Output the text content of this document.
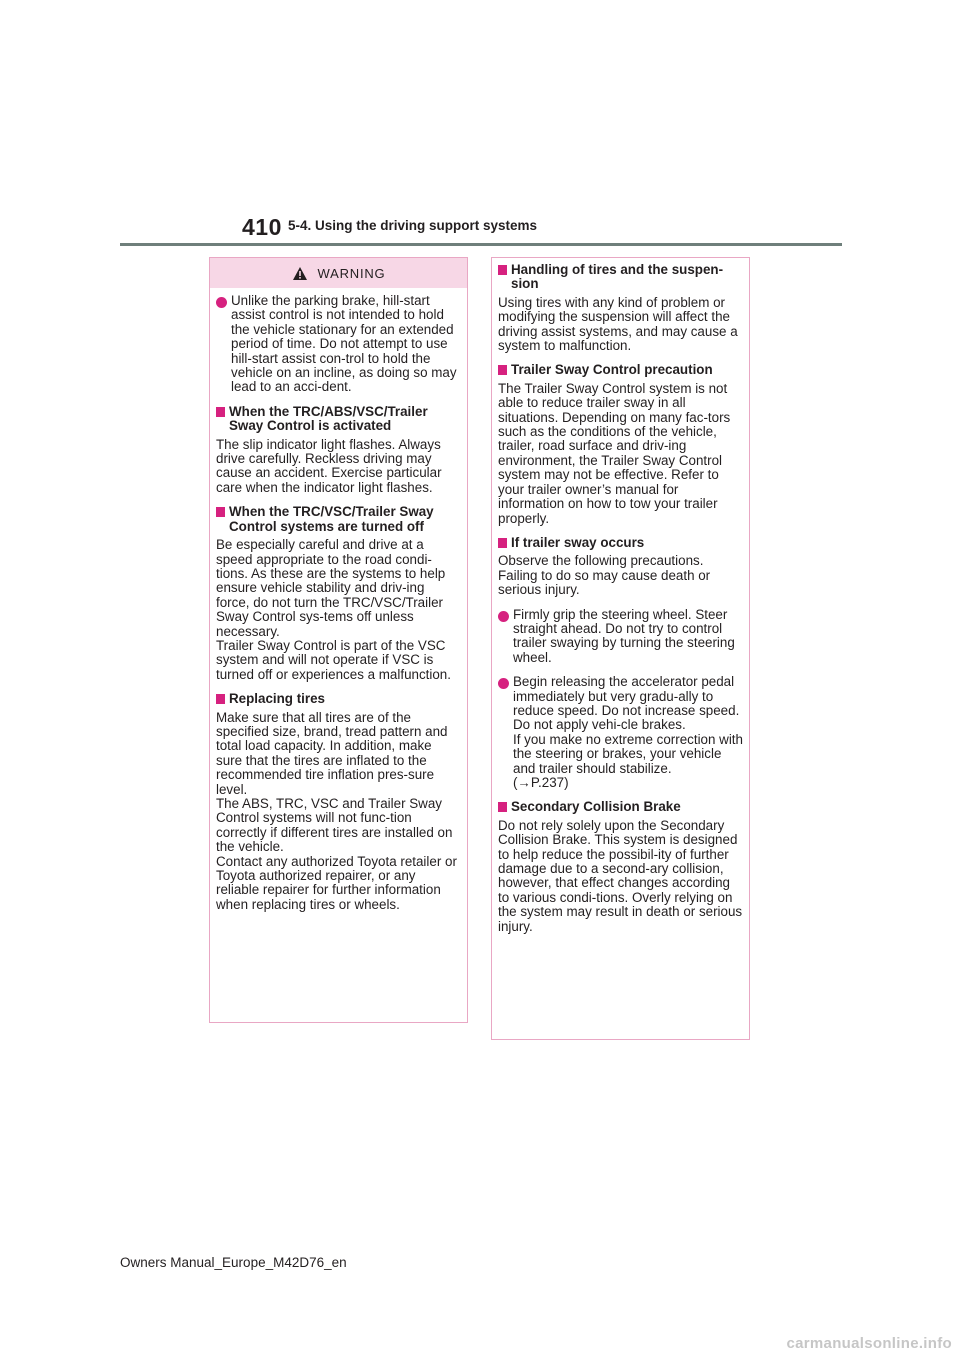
410 5-4. Using the driving support systems
WARNING
Unlike the parking brake, hill-start assist control is not intended to hold the vehicle stationary for an extended period of time. Do not attempt to use hill-start assist con-trol to hold the vehicle on an incline, as doing so may lead to an acci-dent.
When the TRC/ABS/VSC/Trailer Sway Control is activated

The slip indicator light flashes. Always drive carefully. Reckless driving may cause an accident. Exercise particular care when the indicator light flashes.

When the TRC/VSC/Trailer Sway Control systems are turned off

Be especially careful and drive at a speed appropriate to the road condi-tions. As these are the systems to help ensure vehicle stability and driv-ing force, do not turn the TRC/VSC/Trailer Sway Control sys-tems off unless necessary.
Trailer Sway Control is part of the VSC system and will not operate if VSC is turned off or experiences a malfunction.

Replacing tires

Make sure that all tires are of the specified size, brand, tread pattern and total load capacity. In addition, make sure that the tires are inflated to the recommended tire inflation pres-sure level.
The ABS, TRC, VSC and Trailer Sway Control systems will not func-tion correctly if different tires are installed on the vehicle.
Contact any authorized Toyota retailer or Toyota authorized repairer, or any reliable repairer for further information when replacing tires or wheels.

Handling of tires and the suspen-sion

Using tires with any kind of problem or modifying the suspension will affect the driving assist systems, and may cause a system to malfunction.

Trailer Sway Control precaution

The Trailer Sway Control system is not able to reduce trailer sway in all situations. Depending on many fac-tors such as the conditions of the vehicle, trailer, road surface and driv-ing environment, the Trailer Sway Control system may not be effective. Refer to your trailer owner’s manual for information on how to tow your trailer properly.

If trailer sway occurs

Observe the following precautions. Failing to do so may cause death or serious injury.

Firmly grip the steering wheel. Steer straight ahead. Do not try to control trailer swaying by turning the steering wheel.
Begin releasing the accelerator pedal immediately but very gradu-ally to reduce speed. Do not increase speed. Do not apply vehi-cle brakes.
If you make no extreme correction with the steering or brakes, your vehicle and trailer should stabilize.
(→P.237)
Secondary Collision Brake

Do not rely solely upon the Secondary Collision Brake. This system is designed to help reduce the possibil-ity of further damage due to a second-ary collision, however, that effect changes according to various condi-tions. Overly relying on the system may result in death or serious injury.

Owners Manual_Europe_M42D76_en
carmanualsonline.info
